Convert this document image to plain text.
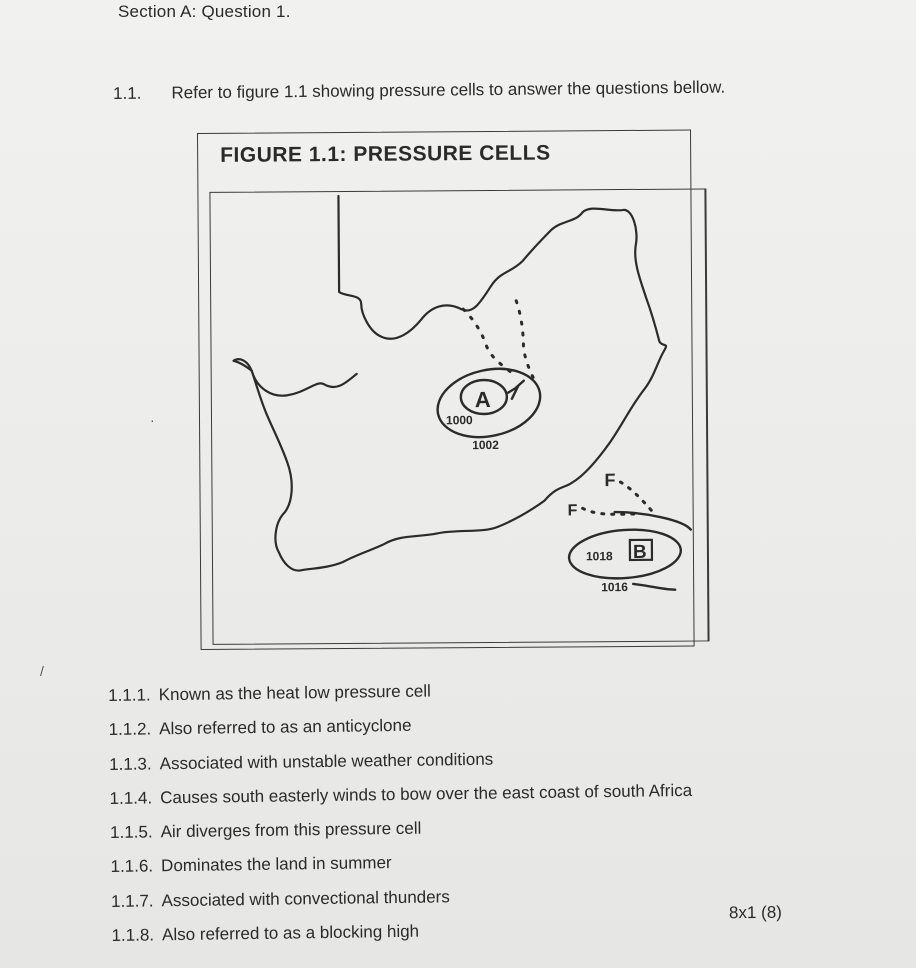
Section A: Question 1.
1.1. Refer to figure 1.1 showing pressure cells to answer the questions bellow.
FIGURE 1.1: PRESSURE CELLS
A
1000
1002
F
F
1018 B
1016
·
/
1.1.1. Known as the heat low pressure cell
1.1.2. Also referred to as an anticyclone
1.1.3. Associated with unstable weather conditions
1.1.4. Causes south easterly winds to bow over the east coast of south Africa
1.1.5. Air diverges from this pressure cell
1.1.6. Dominates the land in summer
1.1.7. Associated with convectional thunders
1.1.8. Also referred to as a blocking high
8x1 (8)
